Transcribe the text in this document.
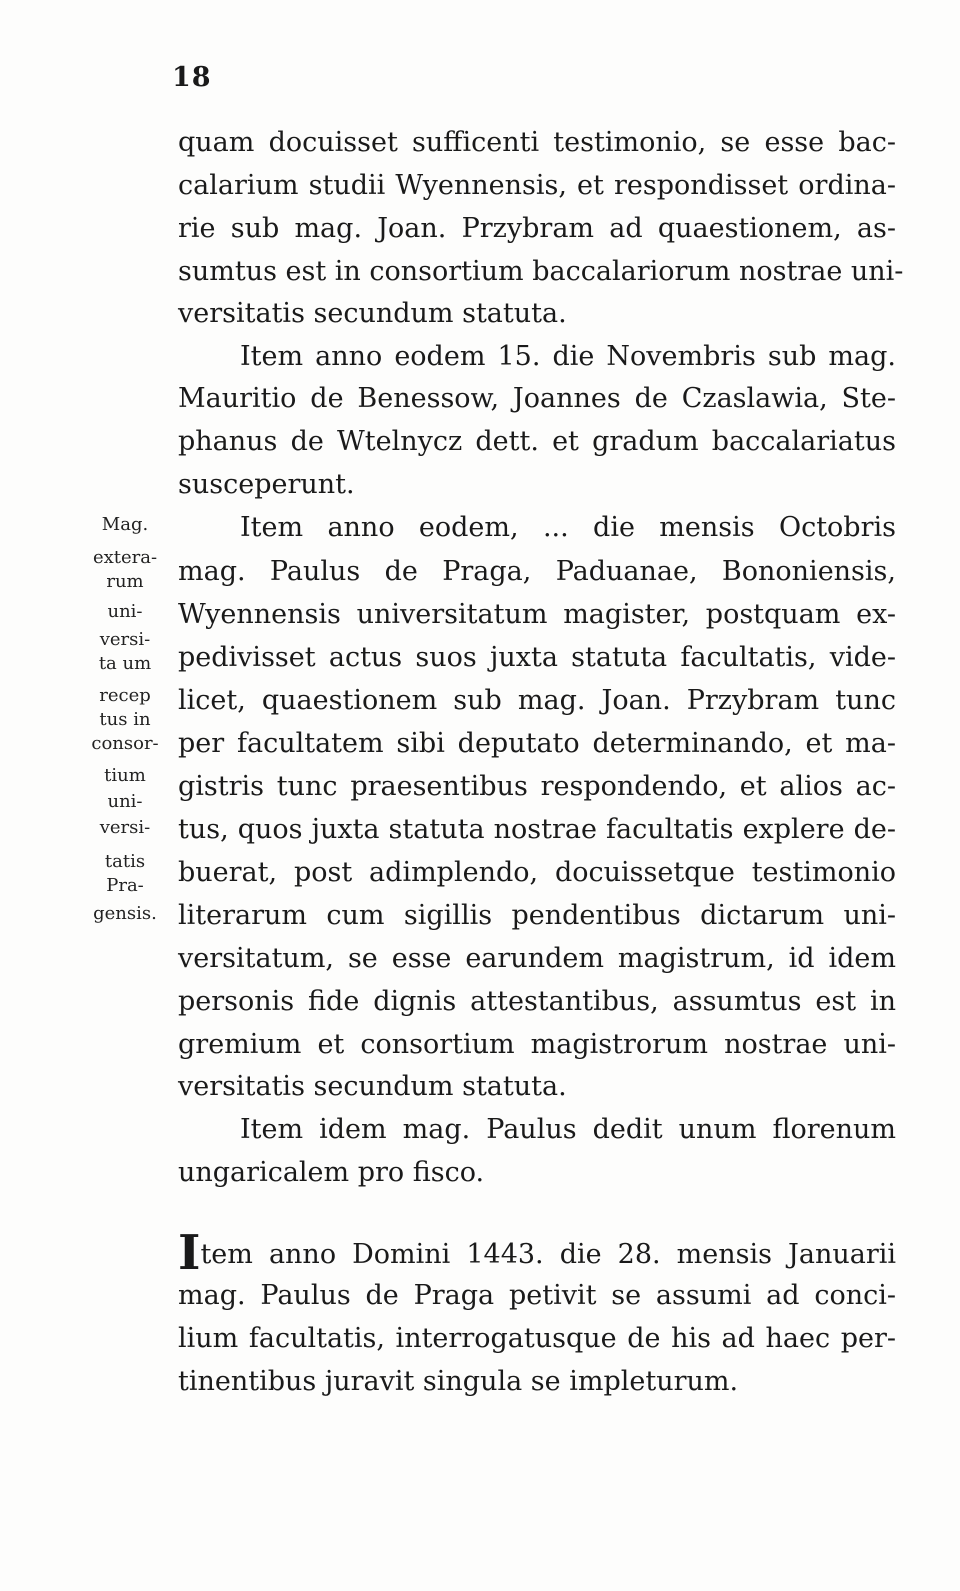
18
quam docuisset sufficenti testimonio, se esse bac-
calarium studii Wyennensis, et respondisset ordina-
rie sub mag. Joan. Przybram ad quaestionem, as-
sumtus est in consortium baccalariorum nostrae uni-
versitatis secundum statuta.
Item anno eodem 15. die Novembris sub mag.
Mauritio de Benessow, Joannes de Czaslawia, Ste-
phanus de Wtelnycz dett. et gradum baccalariatus
susceperunt.
Item anno eodem, ... die mensis Octobris
mag. Paulus de Praga, Paduanae, Bononiensis,
Wyennensis universitatum magister, postquam ex-
pedivisset actus suos juxta statuta facultatis, vide-
licet, quaestionem sub mag. Joan. Przybram tunc
per facultatem sibi deputato determinando, et ma-
gistris tunc praesentibus respondendo, et alios ac-
tus, quos juxta statuta nostrae facultatis explere de-
buerat, post adimplendo, docuissetque testimonio
literarum cum sigillis pendentibus dictarum uni-
versitatum, se esse earundem magistrum, id idem
personis fide dignis attestantibus, assumtus est in
gremium et consortium magistrorum nostrae uni-
versitatis secundum statuta.
Item idem mag. Paulus dedit unum florenum
ungaricalem pro fisco.
Item anno Domini 1443. die 28. mensis Januarii
mag. Paulus de Praga petivit se assumi ad conci-
lium facultatis, interrogatusque de his ad haec per-
tinentibus juravit singula se impleturum.
Mag.
extera-
rum
uni-
versi-
ta um
recep
tus in
consor-
tium
uni-
versi-
tatis
Pra-
gensis.
